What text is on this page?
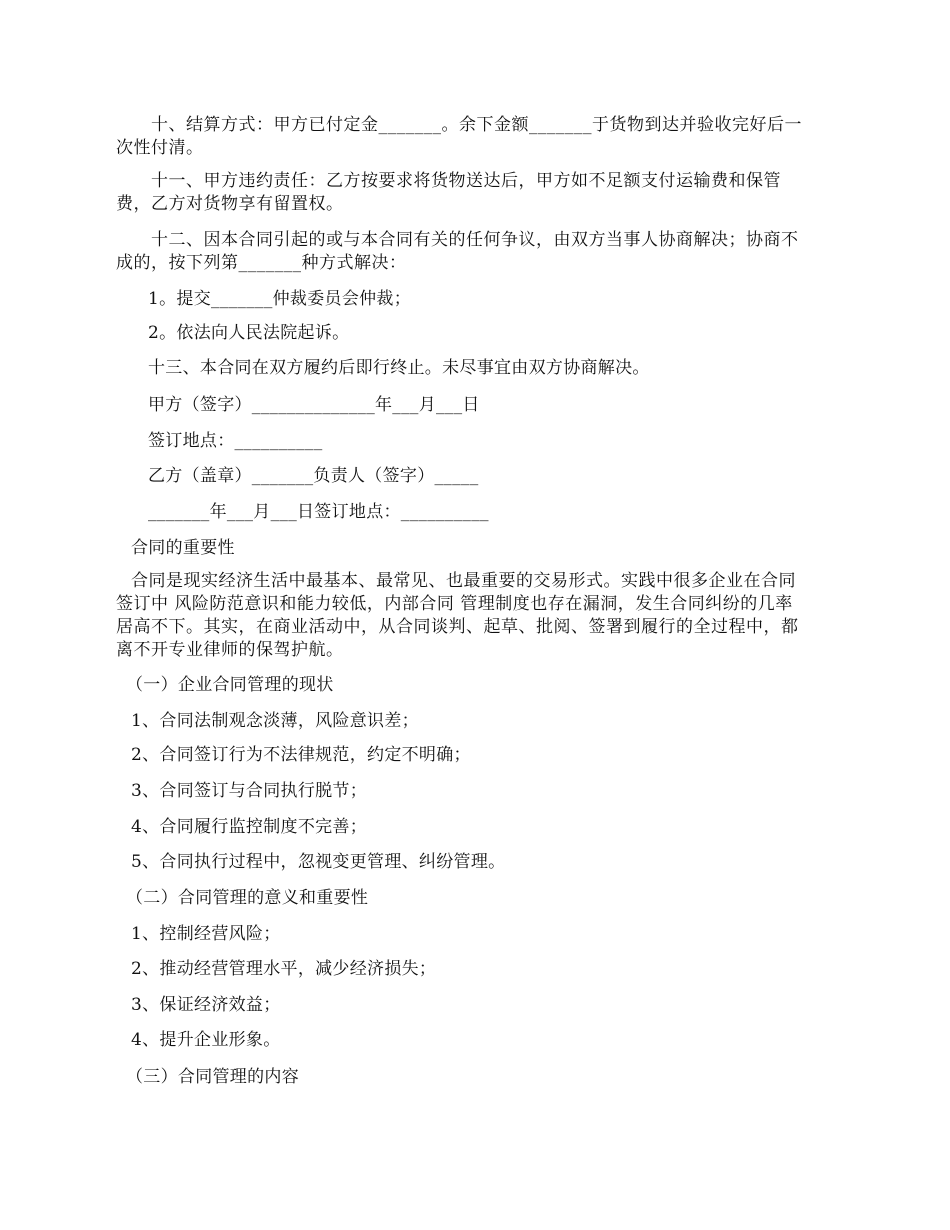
　　十、结算方式：甲方已付定金_______。余下金额_______于货物到达并验收完好后一
次性付清。
　　十一、甲方违约责任：乙方按要求将货物送达后，甲方如不足额支付运输费和保管
费，乙方对货物享有留置权。
　　十二、因本合同引起的或与本合同有关的任何争议，由双方当事人协商解决；协商不
成的，按下列第_______种方式解决：
1。提交_______仲裁委员会仲裁；
2。依法向人民法院起诉。
十三、本合同在双方履约后即行终止。未尽事宜由双方协商解决。
甲方（签字）______________年___月___日
签订地点：__________
乙方（盖章）_______负责人（签字）_____
_______年___月___日签订地点：__________
合同的重要性
合同是现实经济生活中最基本、最常见、也最重要的交易形式。实践中很多企业在合同
签订中 风险防范意识和能力较低，内部合同 管理制度也存在漏洞，发生合同纠纷的几率
居高不下。其实，在商业活动中，从合同谈判、起草、批阅、签署到履行的全过程中，都
离不开专业律师的保驾护航。
（一）企业合同管理的现状
1、合同法制观念淡薄，风险意识差；
2、合同签订行为不法律规范，约定不明确；
3、合同签订与合同执行脱节；
4、合同履行监控制度不完善；
5、合同执行过程中，忽视变更管理、纠纷管理。
（二）合同管理的意义和重要性
1、控制经营风险；
2、推动经营管理水平，减少经济损失；
3、保证经济效益；
4、提升企业形象。
（三）合同管理的内容
